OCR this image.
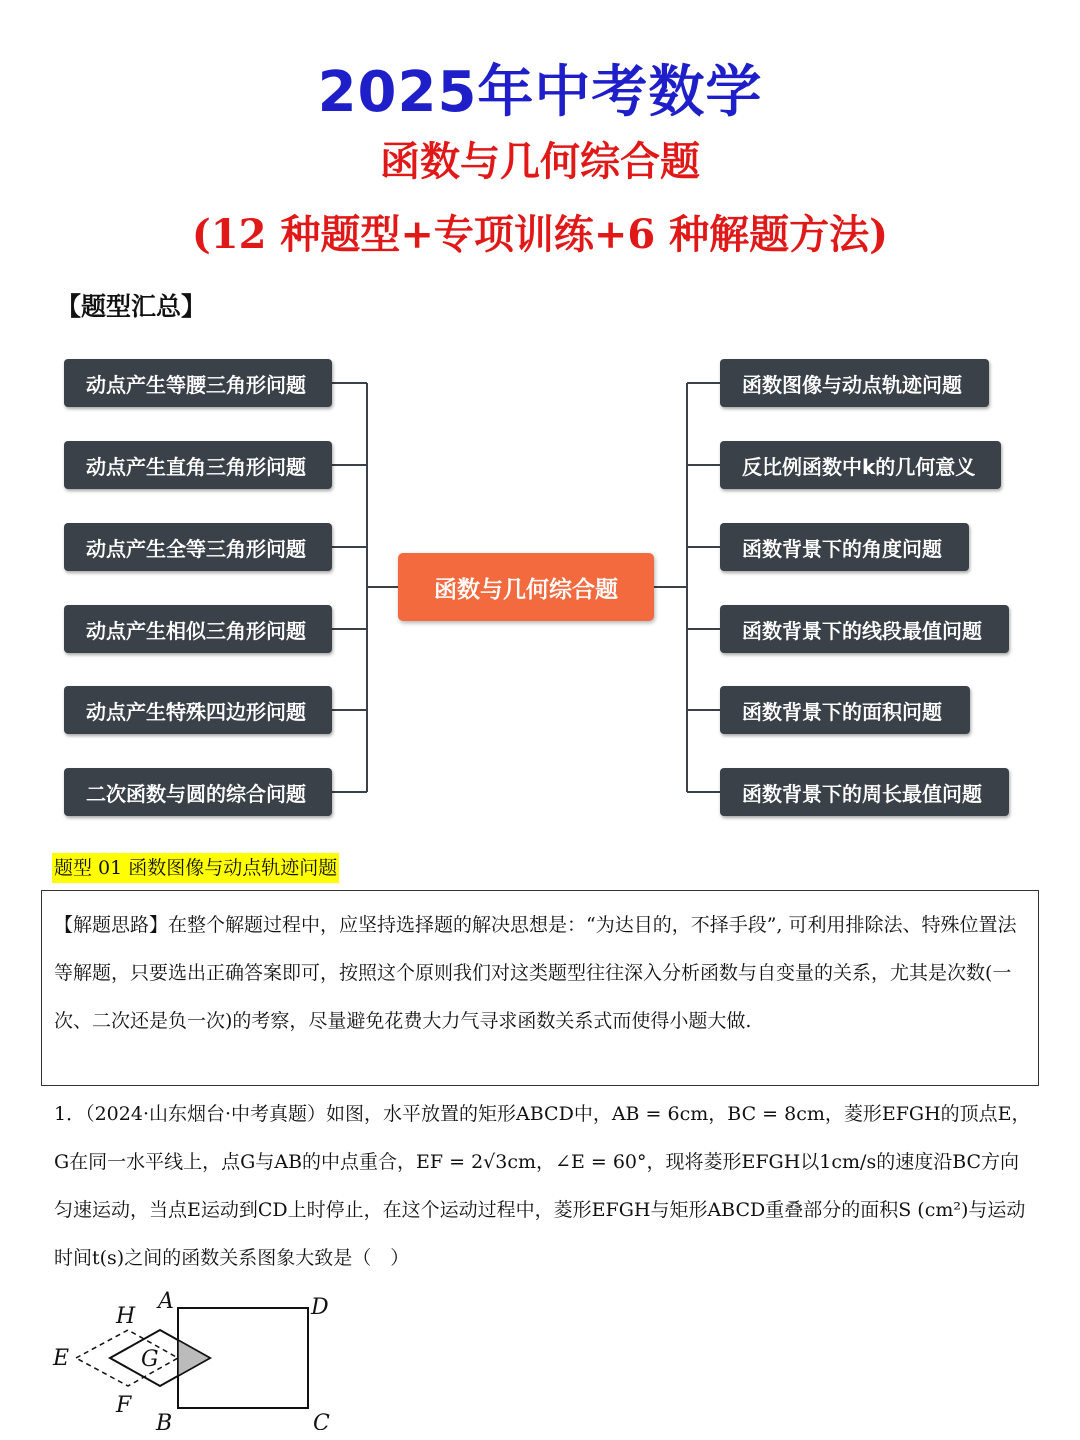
2025年中考数学
函数与几何综合题
(12 种题型+专项训练+6 种解题方法)
【题型汇总】
动点产生等腰三角形问题
动点产生直角三角形问题
动点产生全等三角形问题
动点产生相似三角形问题
动点产生特殊四边形问题
二次函数与圆的综合问题
函数与几何综合题
函数图像与动点轨迹问题
反比例函数中k的几何意义
函数背景下的角度问题
函数背景下的线段最值问题
函数背景下的面积问题
函数背景下的周长最值问题
题型 01 函数图像与动点轨迹问题
【解题思路】在整个解题过程中，应坚持选择题的解决思想是：“为达目的，不择手段”, 可利用排除法、特殊位置法等解题，只要选出正确答案即可，按照这个原则我们对这类题型往往深入分析函数与自变量的关系，尤其是次数(一次、二次还是负一次)的考察，尽量避免花费大力气寻求函数关系式而使得小题大做.
1．（2024·山东烟台·中考真题）如图，水平放置的矩形ABCD中，AB = 6cm，BC = 8cm，菱形EFGH的顶点E，G在同一水平线上，点G与AB的中点重合，EF = 2√3cm，∠E = 60°，现将菱形EFGH以1cm/s的速度沿BC方向匀速运动，当点E运动到CD上时停止，在这个运动过程中，菱形EFGH与矩形ABCD重叠部分的面积S (cm²)与运动时间t(s)之间的函数关系图象大致是（　）
A
B	C
D
E
F
G
H
